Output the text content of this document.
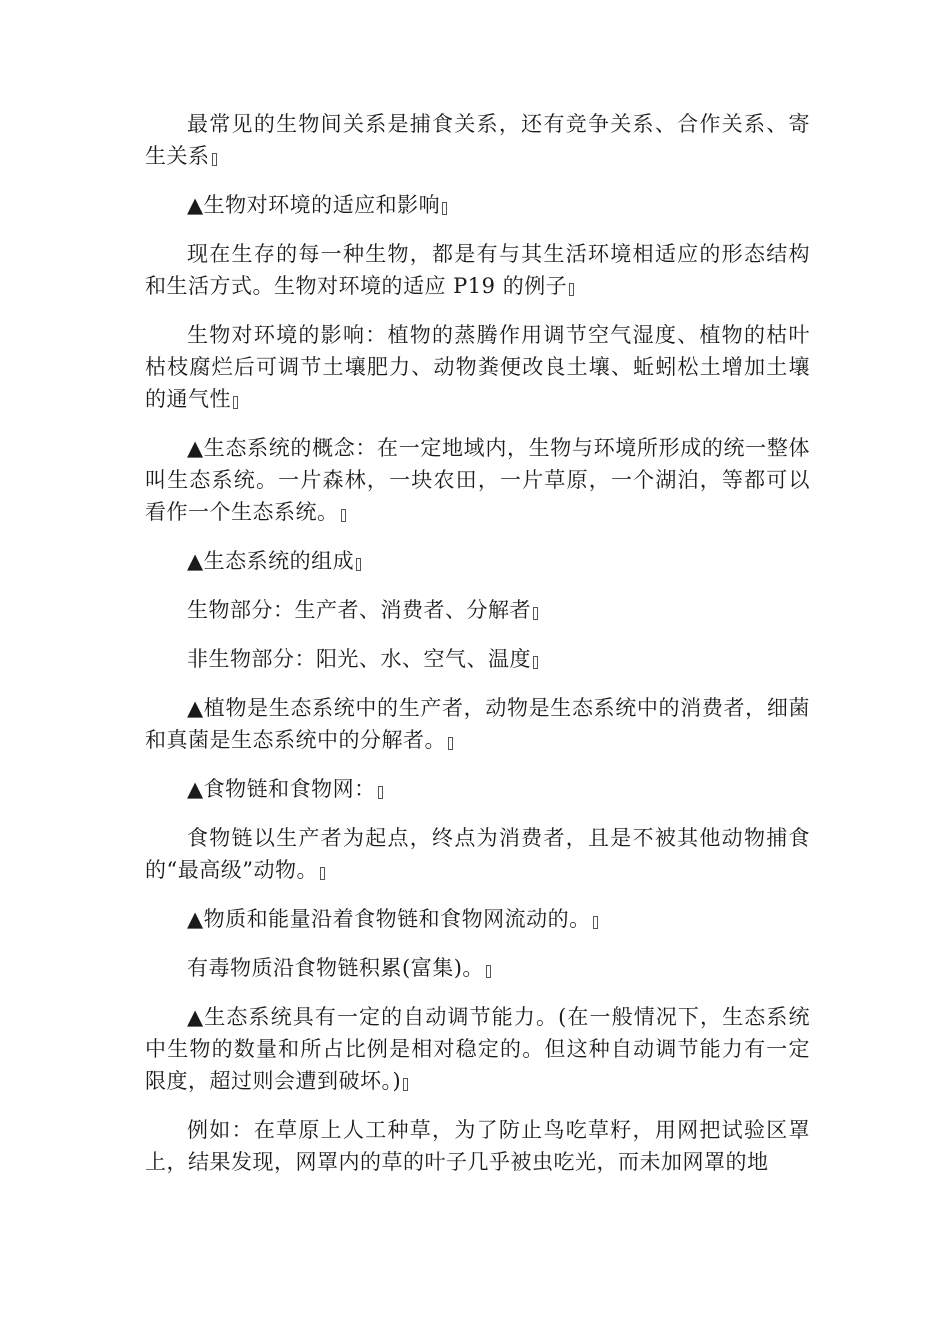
最常见的生物间关系是捕食关系，还有竞争关系、合作关系、寄生关系

▲生物对环境的适应和影响

现在生存的每一种生物，都是有与其生活环境相适应的形态结构和生活方式。生物对环境的适应 P19 的例子

生物对环境的影响：植物的蒸腾作用调节空气湿度、植物的枯叶枯枝腐烂后可调节土壤肥力、动物粪便改良土壤、蚯蚓松土增加土壤的通气性

▲生态系统的概念：在一定地域内，生物与环境所形成的统一整体叫生态系统。一片森林，一块农田，一片草原，一个湖泊，等都可以看作一个生态系统。

▲生态系统的组成

生物部分：生产者、消费者、分解者

非生物部分：阳光、水、空气、温度

▲植物是生态系统中的生产者，动物是生态系统中的消费者，细菌和真菌是生态系统中的分解者。

▲食物链和食物网：

食物链以生产者为起点，终点为消费者，且是不被其他动物捕食的“最高级”动物。

▲物质和能量沿着食物链和食物网流动的。

有毒物质沿食物链积累(富集)。

▲生态系统具有一定的自动调节能力。(在一般情况下，生态系统中生物的数量和所占比例是相对稳定的。但这种自动调节能力有一定限度，超过则会遭到破坏。)

例如：在草原上人工种草，为了防止鸟吃草籽，用网把试验区罩上，结果发现，网罩内的草的叶子几乎被虫吃光，而未加网罩的地
